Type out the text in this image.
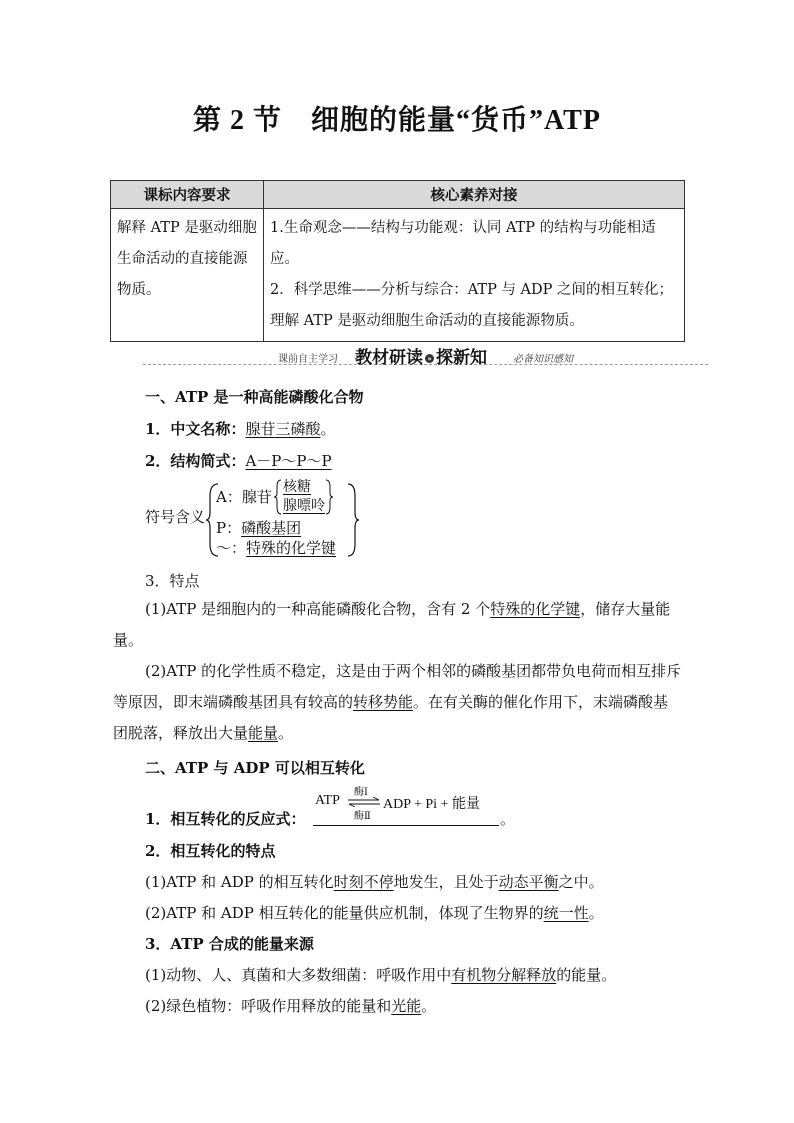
第 2 节　细胞的能量“货币”ATP
课标内容要求	核心素养对接
解释 ATP 是驱动细胞生命活动的直接能源物质。	1.生命观念——结构与功能观：认同 ATP 的结构与功能相适应。
2．科学思维——分析与综合：ATP 与 ADP 之间的相互转化；理解 ATP 是驱动细胞生命活动的直接能源物质。
课前自主学习 教材研读 » 探新知	必备知识感知
一、ATP 是一种高能磷酸化合物
1．中文名称：腺苷三磷酸。
2．结构简式：A－P～P～P
符号含义
A：腺苷
核糖
腺嘌呤
P：磷酸基团
～：特殊的化学键
3．特点
(1)ATP 是细胞内的一种高能磷酸化合物，含有 2 个特殊的化学键，储存大量能量。
(2)ATP 的化学性质不稳定，这是由于两个相邻的磷酸基团都带负电荷而相互排斥等原因，即末端磷酸基团具有较高的转移势能。在有关酶的催化作用下，末端磷酸基团脱落，释放出大量能量。
二、ATP 与 ADP 可以相互转化
1．相互转化的反应式：
ATP
酶Ⅰ
酶Ⅱ
ADP + Pi + 能量
。
2．相互转化的特点
(1)ATP 和 ADP 的相互转化时刻不停地发生，且处于动态平衡之中。
(2)ATP 和 ADP 相互转化的能量供应机制，体现了生物界的统一性。
3．ATP 合成的能量来源
(1)动物、人、真菌和大多数细菌：呼吸作用中有机物分解释放的能量。
(2)绿色植物：呼吸作用释放的能量和光能。
